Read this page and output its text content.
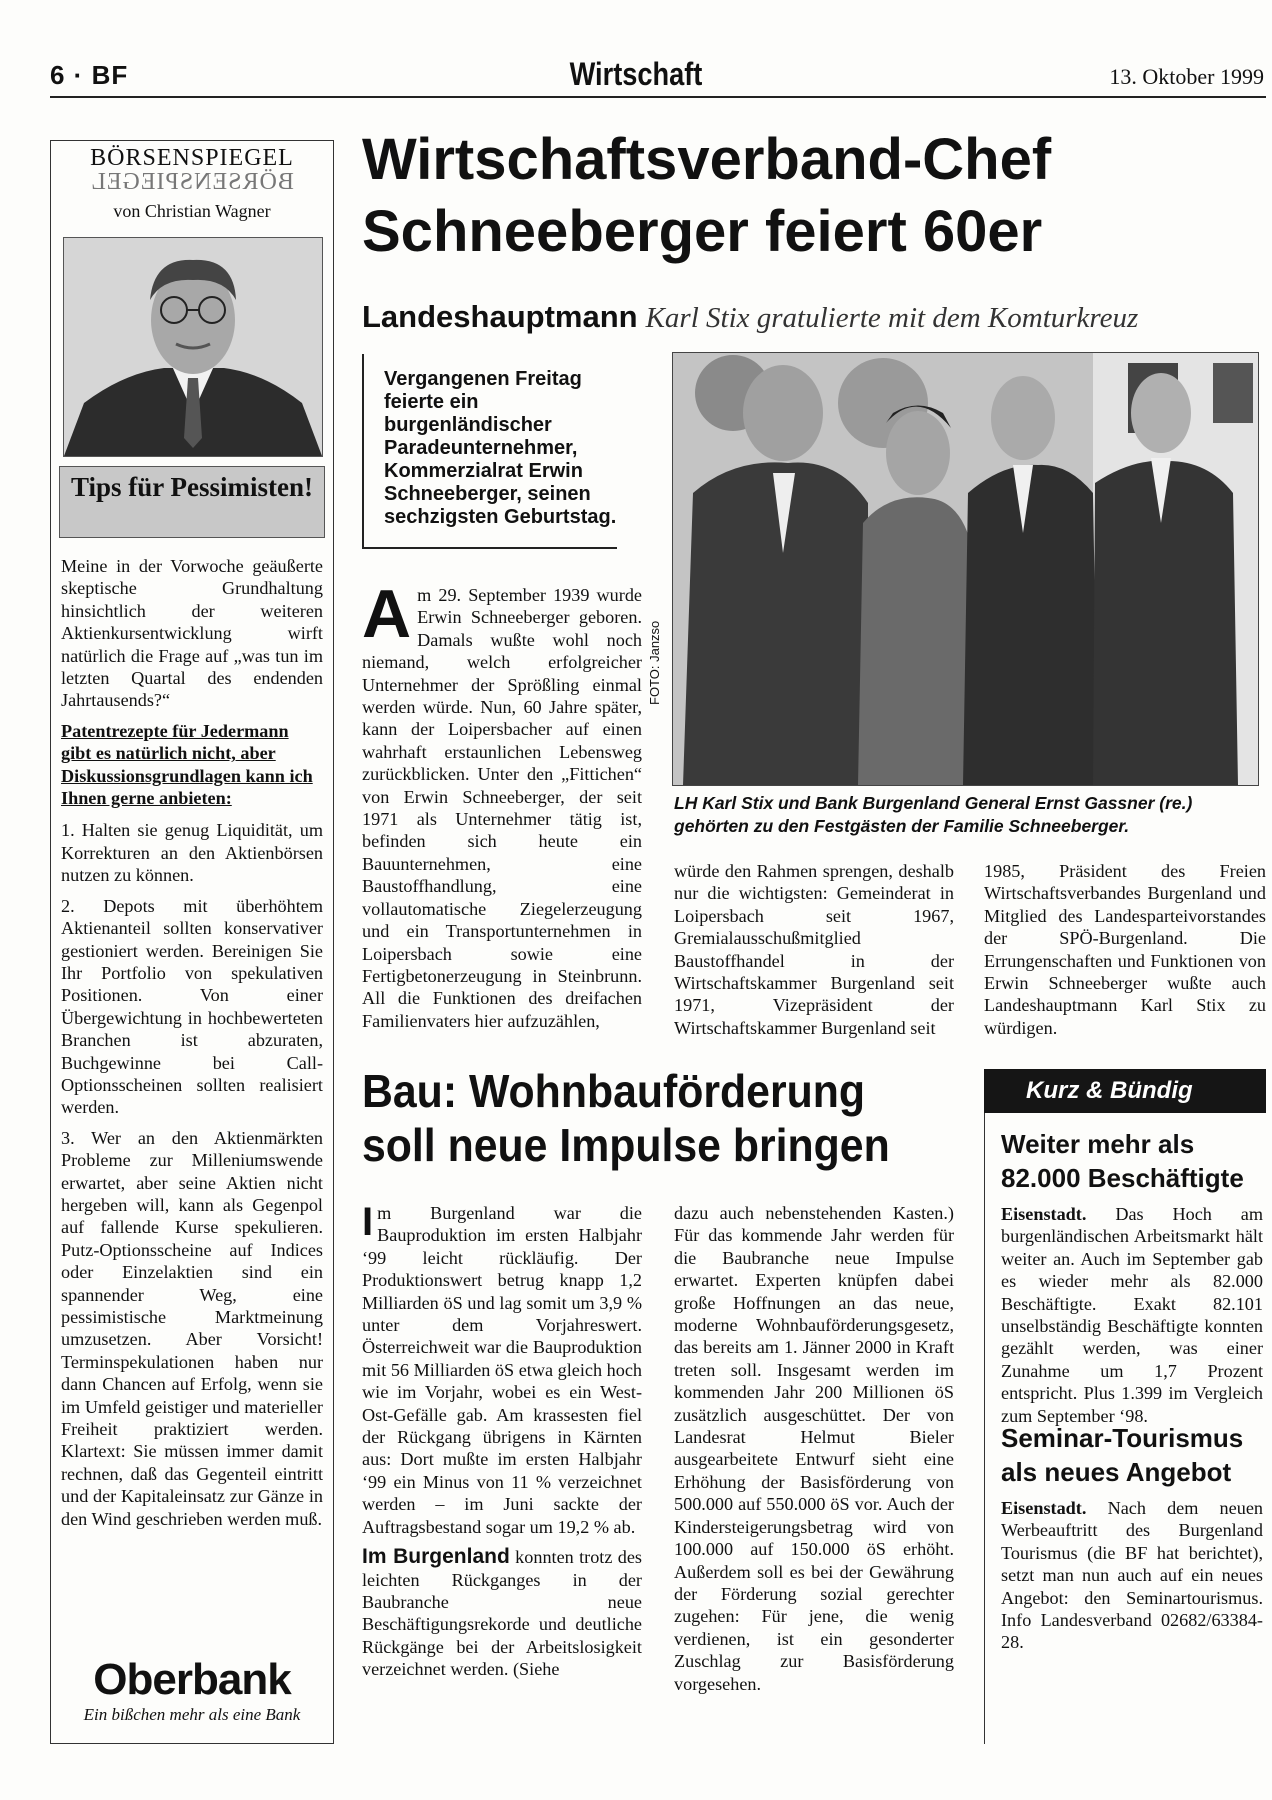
6 · BF	Wirtschaft	13. Oktober 1999
BÖRSENSPIEGEL
BÖRSENSPIEGEL
von Christian Wagner
Tips für Pessimisten!

Meine in der Vorwoche geäußerte skeptische Grundhaltung hinsichtlich der weiteren Aktienkursentwicklung wirft natürlich die Frage auf „was tun im letzten Quartal des endenden Jahrtausends?“

Patentrezepte für Jedermann gibt es natürlich nicht, aber Diskussionsgrundlagen kann ich Ihnen gerne anbieten:

1. Halten sie genug Liquidität, um Korrekturen an den Aktienbörsen nutzen zu können.

2. Depots mit überhöhtem Aktienanteil sollten konservativer gestioniert werden. Bereinigen Sie Ihr Portfolio von spekulativen Positionen. Von einer Übergewichtung in hochbewerteten Branchen ist abzuraten, Buchgewinne bei Call-Optionsscheinen sollten realisiert werden.

3. Wer an den Aktienmärkten Probleme zur Milleniumswende erwartet, aber seine Aktien nicht hergeben will, kann als Gegenpol auf fallende Kurse spekulieren. Putz-Optionsscheine auf Indices oder Einzelaktien sind ein spannender Weg, eine pessimistische Marktmeinung umzusetzen. Aber Vorsicht! Terminspekulationen haben nur dann Chancen auf Erfolg, wenn sie im Umfeld geistiger und materieller Freiheit praktiziert werden. Klartext: Sie müssen immer damit rechnen, daß das Gegenteil eintritt und der Kapitaleinsatz zur Gänze in den Wind geschrieben werden muß.

Oberbank
Ein bißchen mehr als eine Bank
Wirtschaftsverband-Chef
Schneeberger feiert 60er
Landeshauptmann Karl Stix gratulierte mit dem Komturkreuz
Vergangenen Freitag feierte ein burgenländischer Paradeunternehmer, Kommerzialrat Erwin Schneeberger, seinen sechzigsten Geburtstag.
FOTO: Janzso
LH Karl Stix und Bank Burgenland General Ernst Gassner (re.) gehörten zu den Festgästen der Familie Schneeberger.
A m 29. September 1939 wurde Erwin Schneeberger geboren. Damals wußte wohl noch niemand, welch erfolgreicher Unternehmer der Sprößling einmal werden würde. Nun, 60 Jahre später, kann der Loipersbacher auf einen wahrhaft erstaunlichen Lebensweg zurückblicken. Unter den „Fittichen“ von Erwin Schneeberger, der seit 1971 als Unternehmer tätig ist, befinden sich heute ein Bauunternehmen, eine Baustoffhandlung, eine vollautomatische Ziegelerzeugung und ein Transportunternehmen in Loipersbach sowie eine Fertigbetonerzeugung in Steinbrunn. All die Funktionen des dreifachen Familienvaters hier aufzuzählen,

würde den Rahmen sprengen, deshalb nur die wichtigsten: Gemeinderat in Loipersbach seit 1967, Gremialausschußmitglied Baustoffhandel in der Wirtschaftskammer Burgenland seit 1971, Vizepräsident der Wirtschaftskammer Burgenland seit

1985, Präsident des Freien Wirtschaftsverbandes Burgenland und Mitglied des Landesparteivorstandes der SPÖ-Burgenland. Die Errungenschaften und Funktionen von Erwin Schneeberger wußte auch Landeshauptmann Karl Stix zu würdigen.

Bau: Wohnbauförderung
soll neue Impulse bringen
I m Burgenland war die Bauproduktion im ersten Halbjahr ‘99 leicht rückläufig. Der Produktionswert betrug knapp 1,2 Milliarden öS und lag somit um 3,9 % unter dem Vorjahreswert. Österreichweit war die Bauproduktion mit 56 Milliarden öS etwa gleich hoch wie im Vorjahr, wobei es ein West-Ost-Gefälle gab. Am krassesten fiel der Rückgang übrigens in Kärnten aus: Dort mußte im ersten Halbjahr ‘99 ein Minus von 11 % verzeichnet werden – im Juni sackte der Auftragsbestand sogar um 19,2 % ab.

Im Burgenland konnten trotz des leichten Rückganges in der Baubranche neue Beschäftigungsrekorde und deutliche Rückgänge bei der Arbeitslosigkeit verzeichnet werden. (Siehe

dazu auch nebenstehenden Kasten.) Für das kommende Jahr werden für die Baubranche neue Impulse erwartet. Experten knüpfen dabei große Hoffnungen an das neue, moderne Wohnbauförderungsgesetz, das bereits am 1. Jänner 2000 in Kraft treten soll. Insgesamt werden im kommenden Jahr 200 Millionen öS zusätzlich ausgeschüttet. Der von Landesrat Helmut Bieler ausgearbeitete Entwurf sieht eine Erhöhung der Basisförderung von 500.000 auf 550.000 öS vor. Auch der Kindersteigerungsbetrag wird von 100.000 auf 150.000 öS erhöht. Außerdem soll es bei der Gewährung der Förderung sozial gerechter zugehen: Für jene, die wenig verdienen, ist ein gesonderter Zuschlag zur Basisförderung vorgesehen.

Kurz & Bündig
Weiter mehr als 82.000 Beschäftigte

Eisenstadt. Das Hoch am burgenländischen Arbeitsmarkt hält weiter an. Auch im September gab es wieder mehr als 82.000 Beschäftigte. Exakt 82.101 unselbständig Beschäftigte konnten gezählt werden, was einer Zunahme um 1,7 Prozent entspricht. Plus 1.399 im Vergleich zum September ‘98.

Seminar-Tourismus als neues Angebot

Eisenstadt. Nach dem neuen Werbeauftritt des Burgenland Tourismus (die BF hat berichtet), setzt man nun auch auf ein neues Angebot: den Seminartourismus. Info Landesverband 02682/63384-28.
